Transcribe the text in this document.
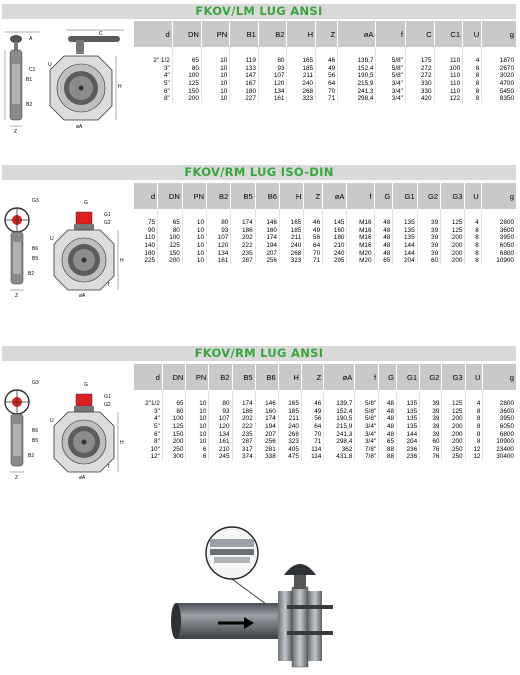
FKOV/LM LUG ANSI
A
C1
B1
B2
Z
C
H
øA
U
d	DN	PN	B1	B2	H	Z	øA	f	C	C1	U	g

2" 1/2	65	10	119	80	165	46	139,7	5/8"	175	110	4	1870
3"	80	10	133	93	185	49	152,4	5/8"	272	100	8	2670
4"	100	10	147	107	211	56	190,5	5/8"	272	110	8	3020
5"	125	10	167	120	240	64	215,9	3/4"	330	110	8	4700
6"	150	10	180	134	268	70	241,3	3/4"	330	110	8	5450
8"	200	10	227	161	323	71	298,4	3/4"	420	122	8	8350
FKOV/RM LUG ISO-DIN
G3
B6
B5
B2
Z
G1
G2
G
øA
H
U
f
d	DN	PN	B2	B5	B6	H	Z	øA	f	G	G1	G2	G3	U	g

75	65	10	80	174	146	165	46	145	M16	48	135	39	125	4	2800
90	80	10	93	186	160	185	49	160	M16	48	135	39	125	8	3600
110	100	10	107	202	174	211	56	180	M16	48	135	39	200	8	3950
140	125	10	120	222	194	240	64	210	M16	48	144	39	200	8	6050
160	150	10	134	235	207	268	70	240	M20	48	144	39	200	8	6800
225	200	10	161	287	256	323	71	295	M20	65	204	60	200	8	10900
FKOV/RM LUG ANSI
G3
B6
B5
B2
Z
G1
G2
G
øA
H
U
f
d	DN	PN	B2	B5	B6	H	Z	øA	f	G	G1	G2	G3	U	g

2"1/2	65	10	80	174	146	165	46	139,7	5/8"	48	135	39	125	4	2800
3"	80	10	93	186	160	185	49	152,4	5/8"	48	135	39	125	8	3600
4"	100	10	107	202	174	211	56	190,5	5/8"	48	135	39	200	8	3950
5"	125	10	120	222	194	240	64	215,9	3/4"	48	135	39	200	8	6050
6"	150	10	134	235	207	268	70	241,3	3/4"	48	144	39	200	8	6800
8"	200	10	161	287	256	323	71	298,4	3/4"	65	204	60	200	8	10900
10"	250	6	210	317	281	405	114	362	7/8"	88	236	76	250	12	23400
12"	300	6	245	374	338	475	114	431,8	7/8"	88	236	76	250	12	30400
